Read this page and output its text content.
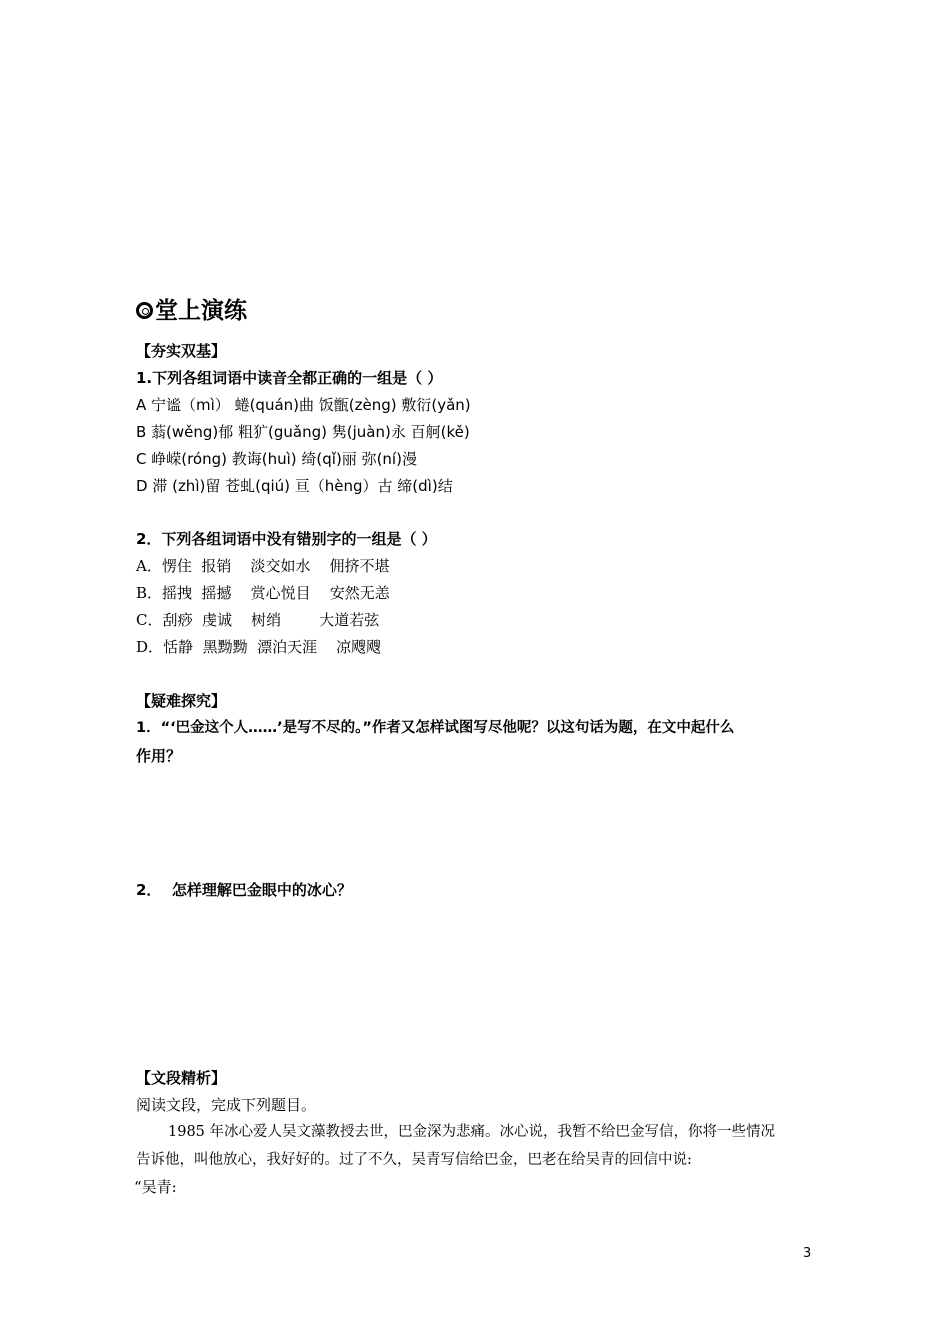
堂上演练
【夯实双基】
1.下列各组词语中读音全都正确的一组是（ ）
A 宁谧（mì） 蜷(quán)曲 饭甑(zèng) 敷衍(yǎn)
B 蓊(wěng)郁 粗犷(guǎng) 隽(juàn)永 百舸(kě)
C 峥嵘(róng) 教诲(huì) 绮(qǐ)丽 弥(ní)漫
D 滞 (zhì)留 苍虬(qiú) 亘（hèng）古 缔(dì)结
2．下列各组词语中没有错别字的一组是（ ）
A．愣住  报销    淡交如水    佣挤不堪
B．摇拽  摇撼    赏心悦目    安然无恙
C．刮痧  虔诚    树绡        大道若弦
D．恬静  黑黝黝  漂泊天涯    凉飕飕
【疑难探究】
1．“‘巴金这个人……’是写不尽的。”作者又怎样试图写尽他呢？以这句话为题，在文中起什么
作用？
2．  怎样理解巴金眼中的冰心？
【文段精析】
阅读文段，完成下列题目。
1985 年冰心爱人吴文藻教授去世，巴金深为悲痛。冰心说，我暂不给巴金写信，你将一些情况
告诉他，叫他放心，我好好的。过了不久，吴青写信给巴金，巴老在给吴青的回信中说:
“吴青:
3
